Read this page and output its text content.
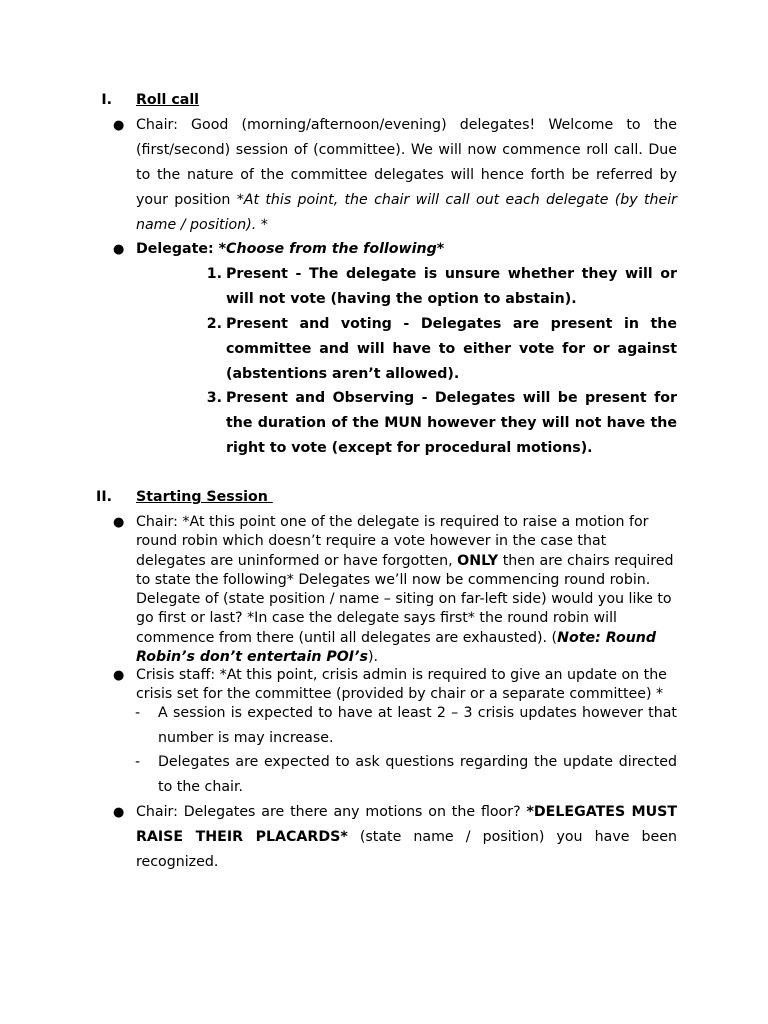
I. Roll call
● Chair: Good (morning/afternoon/evening) delegates! Welcome to the (first/second) session of (committee). We will now commence roll call. Due to the nature of the committee delegates will hence forth be referred by your position *At this point, the chair will call out each delegate (by their name / position). *
● Delegate: *Choose from the following*
1. Present - The delegate is unsure whether they will or will not vote (having the option to abstain).
2. Present and voting - Delegates are present in the committee and will have to either vote for or against (abstentions aren’t allowed).
3. Present and Observing - Delegates will be present for the duration of the MUN however they will not have the right to vote (except for procedural motions).
II. Starting Session
● Chair: *At this point one of the delegate is required to raise a motion for round robin which doesn’t require a vote however in the case that delegates are uninformed or have forgotten, ONLY then are chairs required to state the following* Delegates we’ll now be commencing round robin. Delegate of (state position / name – siting on far-left side) would you like to go first or last? *In case the delegate says first* the round robin will commence from there (until all delegates are exhausted). (Note: Round Robin’s don’t entertain POI’s).
● Crisis staff: *At this point, crisis admin is required to give an update on the crisis set for the committee (provided by chair or a separate committee) *
- A session is expected to have at least 2 – 3 crisis updates however that number is may increase.
- Delegates are expected to ask questions regarding the update directed to the chair.
● Chair: Delegates are there any motions on the floor? *DELEGATES MUST RAISE THEIR PLACARDS* (state name / position) you have been recognized.
